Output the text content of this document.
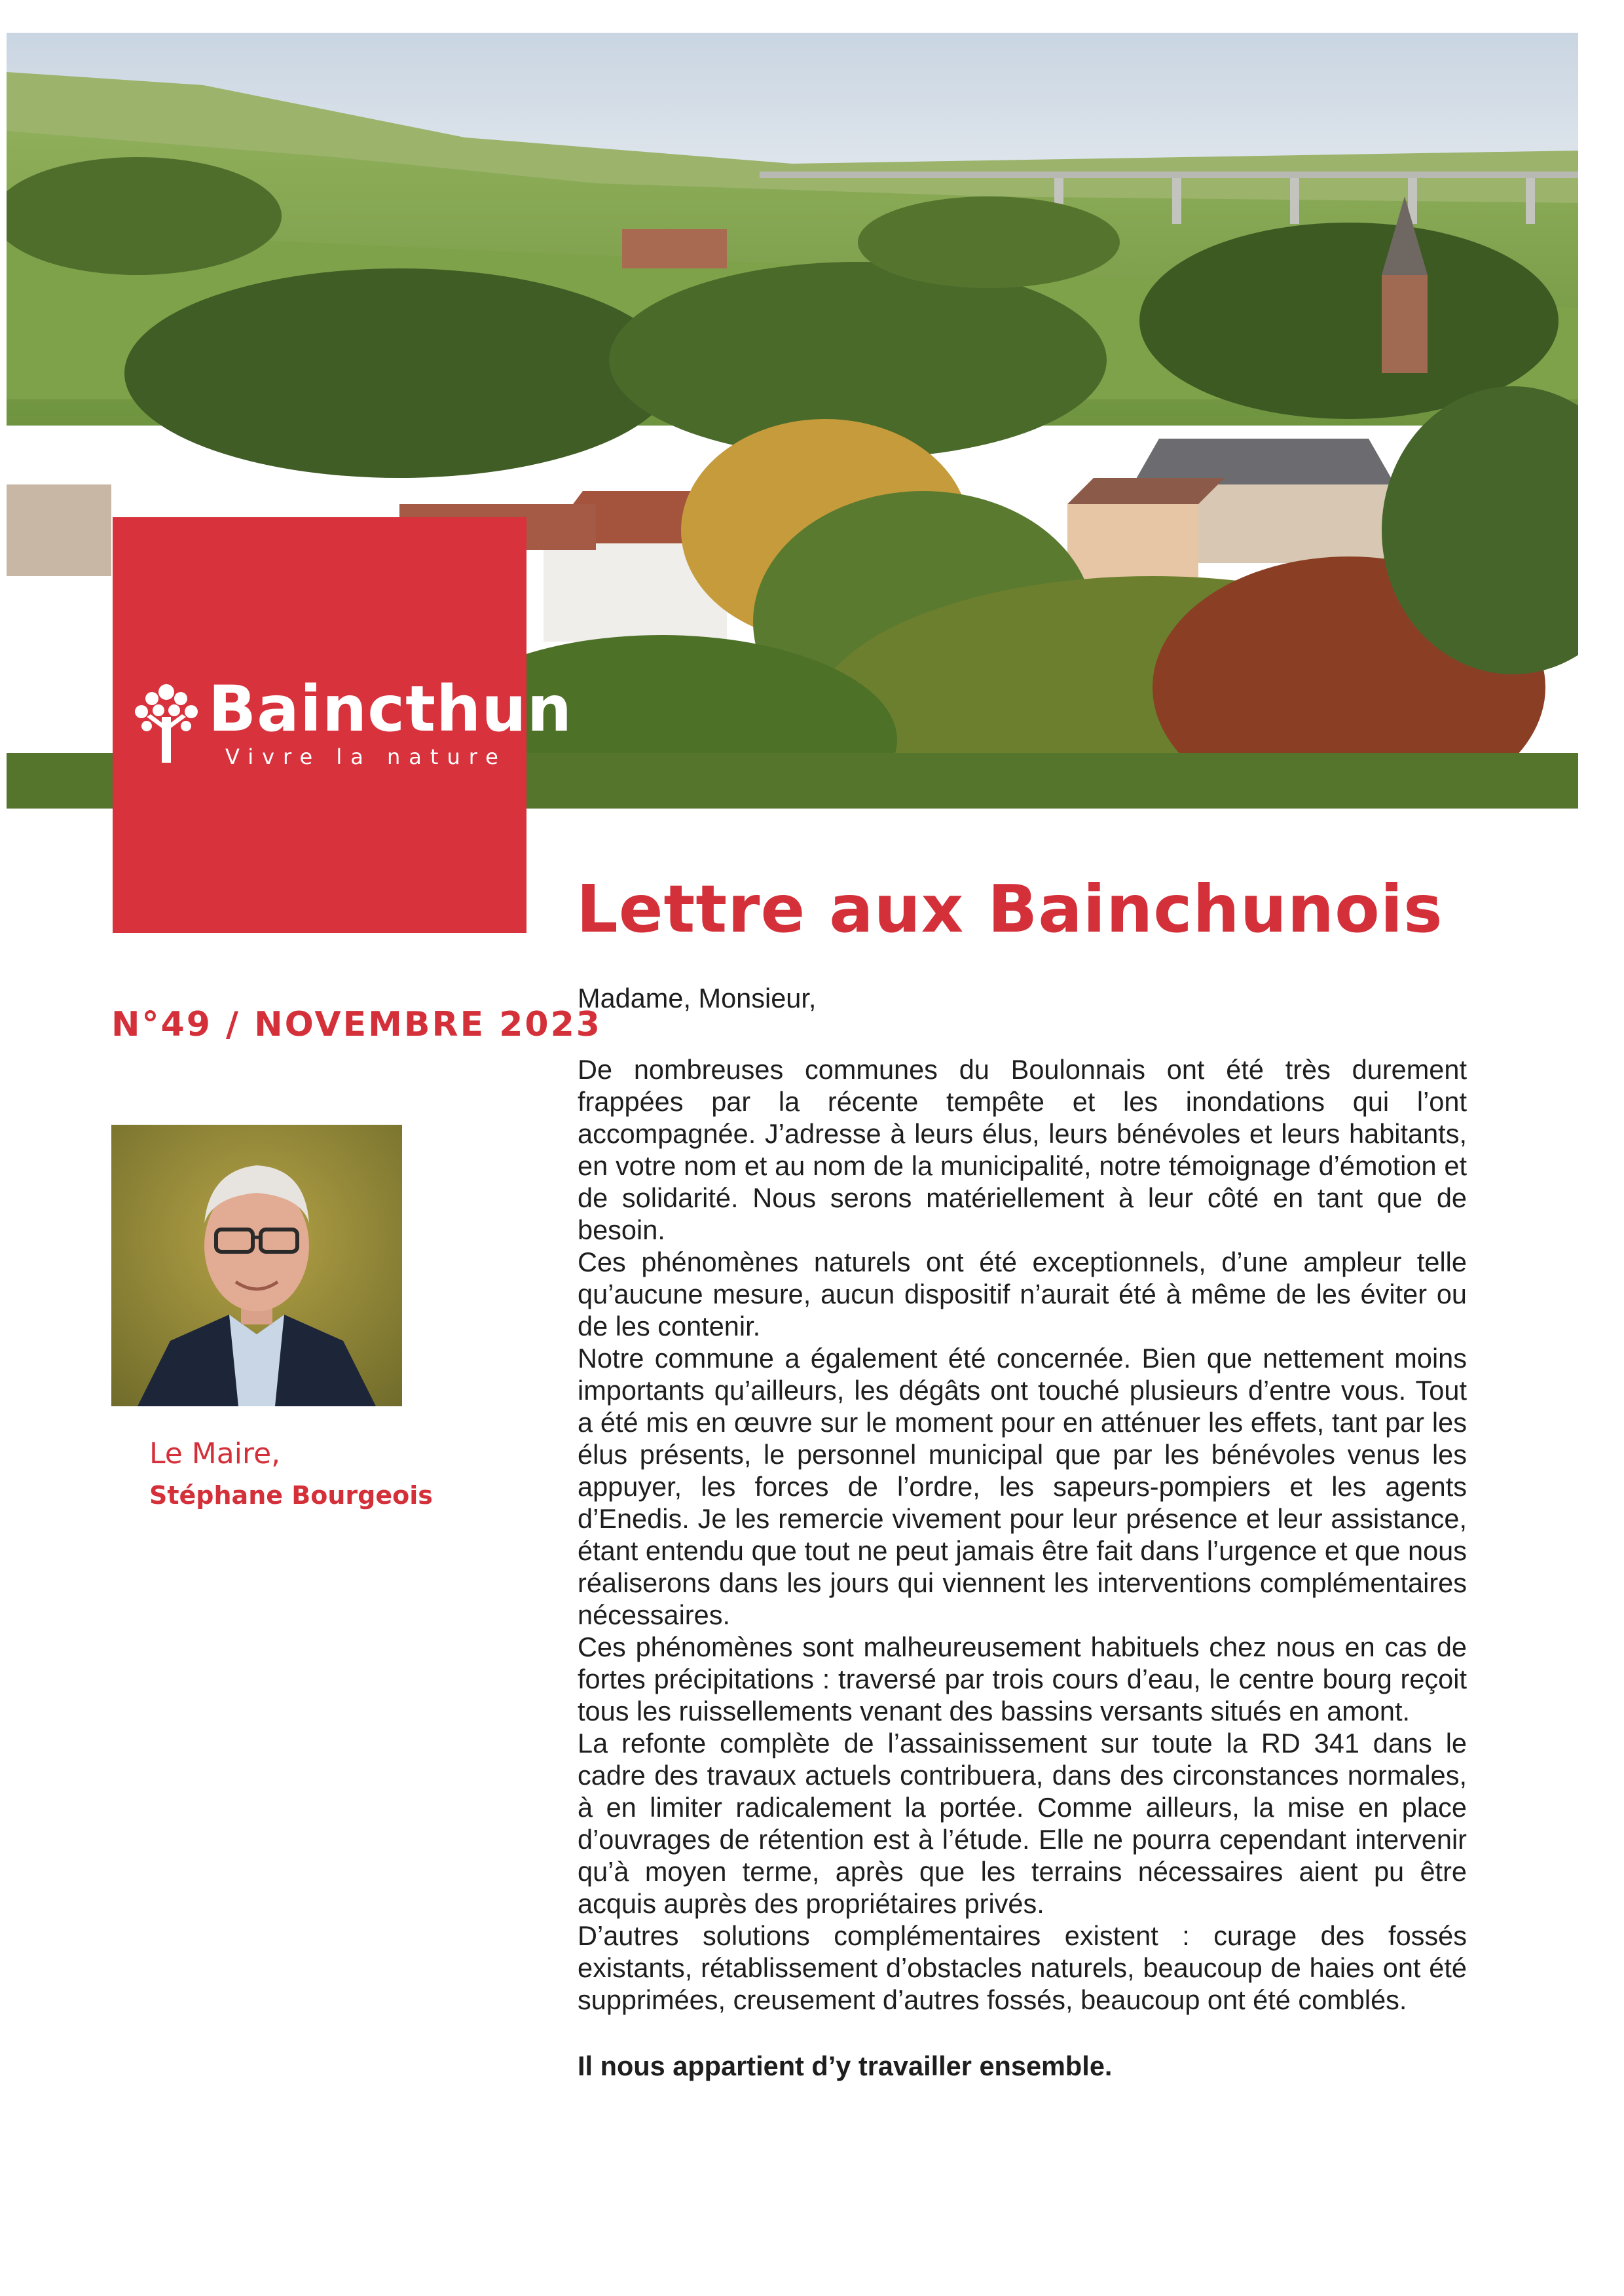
Baincthun
Vivre la nature
Lettre aux Bainchunois
N°49 / NOVEMBRE 2023
Le Maire,
Stéphane Bourgeois

Madame, Monsieur,

De nombreuses communes du Boulonnais ont été très durement frappées par la récente tempête et les inondations qui l’ont accompagnée. J’adresse à leurs élus, leurs bénévoles et leurs habitants, en votre nom et au nom de la municipalité, notre témoignage d’émotion et de solidarité. Nous serons matériellement à leur côté en tant que de besoin.

Ces phénomènes naturels ont été exceptionnels, d’une ampleur telle qu’aucune mesure, aucun dispositif n’aurait été à même de les éviter ou de les contenir.

Notre commune a également été concernée. Bien que nettement moins importants qu’ailleurs, les dégâts ont touché plusieurs d’entre vous. Tout a été mis en œuvre sur le moment pour en atténuer les effets, tant par les élus présents, le personnel municipal que par les bénévoles venus les appuyer, les forces de l’ordre, les sapeurs-pompiers et les agents d’Enedis. Je les remercie vivement pour leur présence et leur assistance, étant entendu que tout ne peut jamais être fait dans l’urgence et que nous réaliserons dans les jours qui viennent les interventions complémentaires nécessaires.

Ces phénomènes sont malheureusement habituels chez nous en cas de fortes précipitations : traversé par trois cours d’eau, le centre bourg reçoit tous les ruissellements venant des bassins versants situés en amont.

La refonte complète de l’assainissement sur toute la RD 341 dans le cadre des travaux actuels contribuera, dans des circonstances normales, à en limiter radicalement la portée. Comme ailleurs, la mise en place d’ouvrages de rétention est à l’étude. Elle ne pourra cependant intervenir qu’à moyen terme, après que les terrains nécessaires aient pu être acquis auprès des propriétaires privés.

D’autres solutions complémentaires existent : curage des fossés existants, rétablissement d’obstacles naturels, beaucoup de haies ont été supprimées, creusement d’autres fossés, beaucoup ont été comblés.

Il nous appartient d’y travailler ensemble.
